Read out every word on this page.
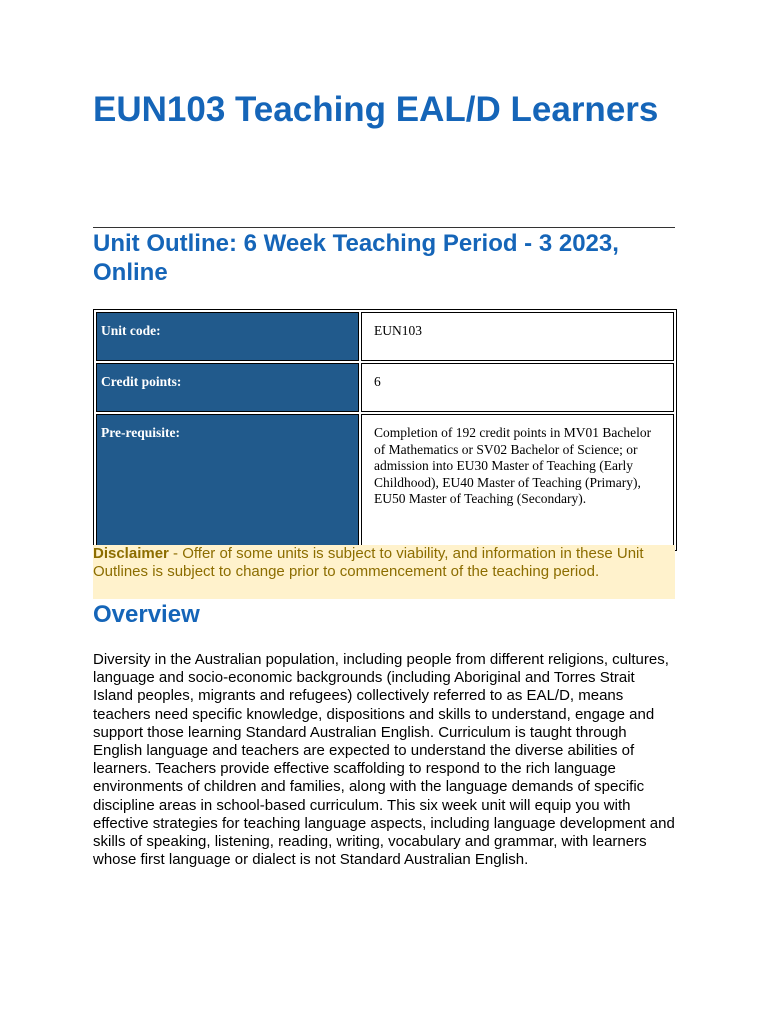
EUN103 Teaching EAL/D Learners
Unit Outline: 6 Week Teaching Period - 3 2023, Online
Unit code:	EUN103
Credit points:	6
Pre-requisite:	Completion of 192 credit points in MV01 Bachelor of Mathematics or SV02 Bachelor of Science; or admission into EU30 Master of Teaching (Early Childhood), EU40 Master of Teaching (Primary), EU50 Master of Teaching (Secondary).
Disclaimer - Offer of some units is subject to viability, and information in these Unit Outlines is subject to change prior to commencement of the teaching period.
Overview

Diversity in the Australian population, including people from different religions, cultures, language and socio-economic backgrounds (including Aboriginal and Torres Strait Island peoples, migrants and refugees) collectively referred to as EAL/D, means teachers need specific knowledge, dispositions and skills to understand, engage and support those learning Standard Australian English. Curriculum is taught through English language and teachers are expected to understand the diverse abilities of learners. Teachers provide effective scaffolding to respond to the rich language environments of children and families, along with the language demands of specific discipline areas in school-based curriculum. This six week unit will equip you with effective strategies for teaching language aspects, including language development and skills of speaking, listening, reading, writing, vocabulary and grammar, with learners whose first language or dialect is not Standard Australian English.
